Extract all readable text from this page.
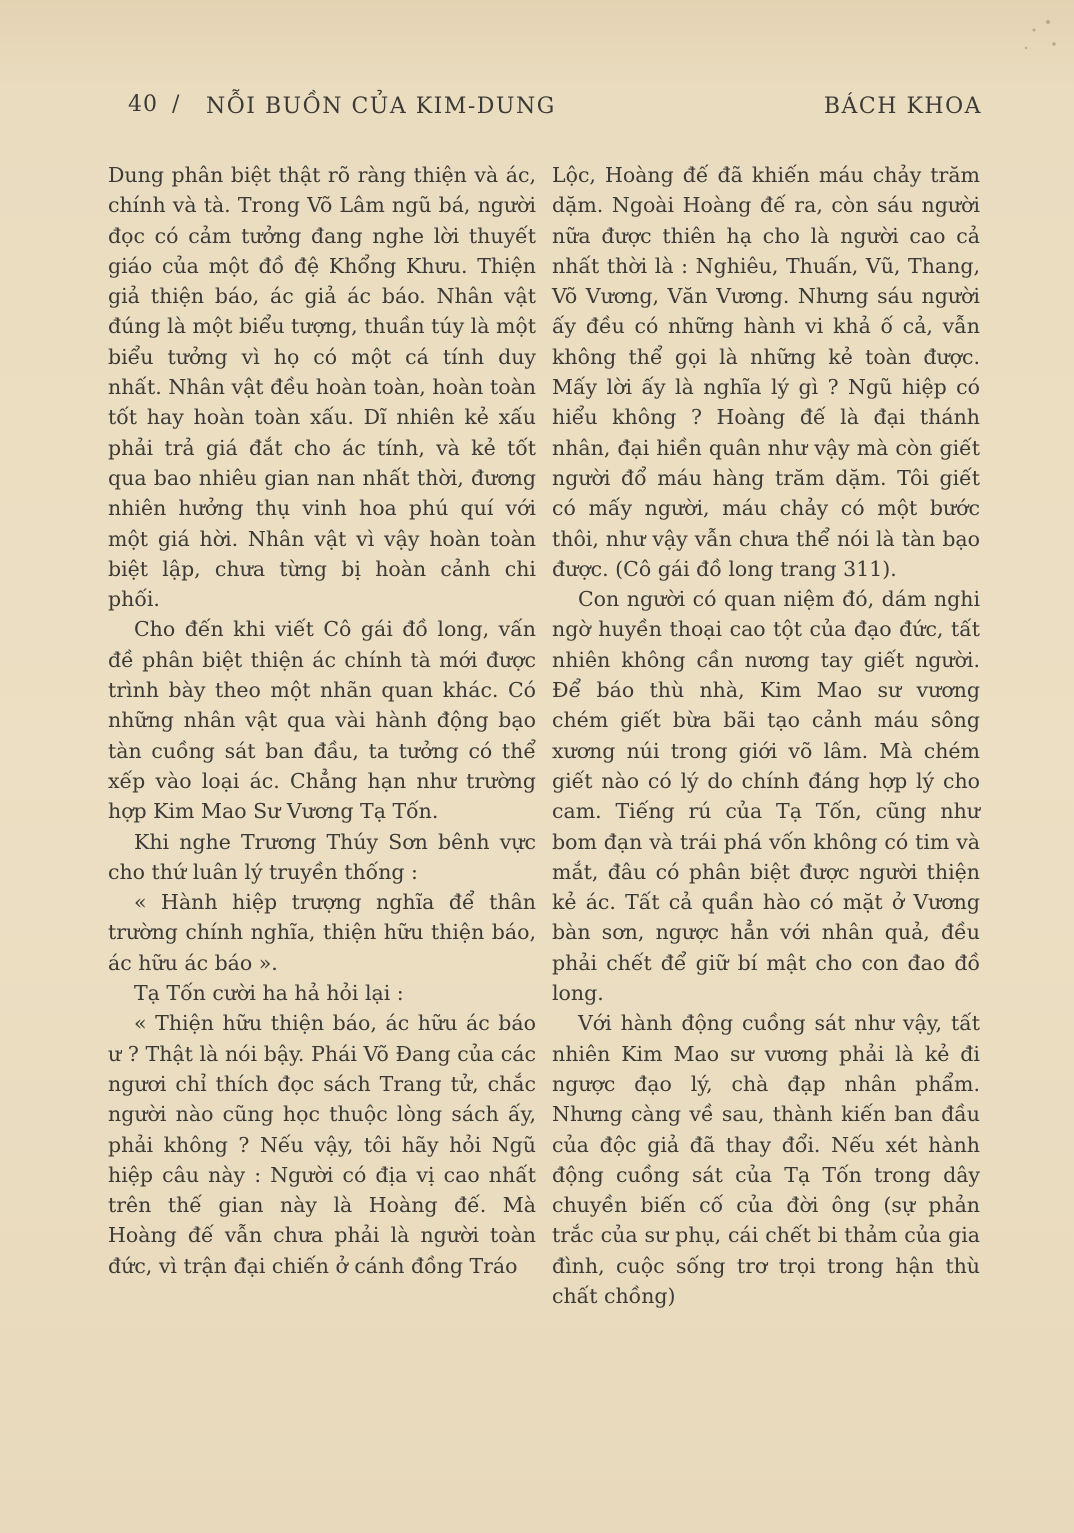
40 / NỖI BUỒN CỦA KIM-DUNG	BÁCH KHOA

Dung phân biệt thật rõ ràng thiện và ác, chính và tà. Trong Võ Lâm ngũ bá, người đọc có cảm tưởng đang nghe lời thuyết giáo của một đồ đệ Khổng Khưu. Thiện giả thiện báo, ác giả ác báo. Nhân vật đúng là một biểu tượng, thuần túy là một biểu tưởng vì họ có một cá tính duy nhất. Nhân vật đều hoàn toàn, hoàn toàn tốt hay hoàn toàn xấu. Dĩ nhiên kẻ xấu phải trả giá đắt cho ác tính, và kẻ tốt qua bao nhiêu gian nan nhất thời, đương nhiên hưởng thụ vinh hoa phú quí với một giá hời. Nhân vật vì vậy hoàn toàn biệt lập, chưa từng bị hoàn cảnh chi phối.

Cho đến khi viết Cô gái đồ long, vấn đề phân biệt thiện ác chính tà mới được trình bày theo một nhãn quan khác. Có những nhân vật qua vài hành động bạo tàn cuồng sát ban đầu, ta tưởng có thể xếp vào loại ác. Chẳng hạn như trường hợp Kim Mao Sư Vương Tạ Tốn.

Khi nghe Trương Thúy Sơn bênh vực cho thứ luân lý truyền thống :

« Hành hiệp trượng nghĩa để thân trường chính nghĩa, thiện hữu thiện báo, ác hữu ác báo ».

Tạ Tốn cười ha hả hỏi lại :

« Thiện hữu thiện báo, ác hữu ác báo ư ? Thật là nói bậy. Phái Võ Đang của các ngươi chỉ thích đọc sách Trang tử, chắc người nào cũng học thuộc lòng sách ấy, phải không ? Nếu vậy, tôi hãy hỏi Ngũ hiệp câu này : Người có địa vị cao nhất trên thế gian này là Hoàng đế. Mà Hoàng đế vẫn chưa phải là người toàn đức, vì trận đại chiến ở cánh đồng Tráo

Lộc, Hoàng đế đã khiến máu chảy trăm dặm. Ngoài Hoàng đế ra, còn sáu người nữa được thiên hạ cho là người cao cả nhất thời là : Nghiêu, Thuấn, Vũ, Thang, Võ Vương, Văn Vương. Nhưng sáu người ấy đều có những hành vi khả ố cả, vẫn không thể gọi là những kẻ toàn được. Mấy lời ấy là nghĩa lý gì ? Ngũ hiệp có hiểu không ? Hoàng đế là đại thánh nhân, đại hiền quân như vậy mà còn giết người đổ máu hàng trăm dặm. Tôi giết có mấy người, máu chảy có một bước thôi, như vậy vẫn chưa thể nói là tàn bạo được. (Cô gái đồ long trang 311).

Con người có quan niệm đó, dám nghi ngờ huyền thoại cao tột của đạo đức, tất nhiên không cần nương tay giết người. Để báo thù nhà, Kim Mao sư vương chém giết bừa bãi tạo cảnh máu sông xương núi trong giới võ lâm. Mà chém giết nào có lý do chính đáng hợp lý cho cam. Tiếng rú của Tạ Tốn, cũng như bom đạn và trái phá vốn không có tim và mắt, đâu có phân biệt được người thiện kẻ ác. Tất cả quần hào có mặt ở Vương bàn sơn, ngược hẳn với nhân quả, đều phải chết để giữ bí mật cho con đao đồ long.

Với hành động cuồng sát như vậy, tất nhiên Kim Mao sư vương phải là kẻ đi ngược đạo lý, chà đạp nhân phẩm. Nhưng càng về sau, thành kiến ban đầu của độc giả đã thay đổi. Nếu xét hành động cuồng sát của Tạ Tốn trong dây chuyền biến cố của đời ông (sự phản trắc của sư phụ, cái chết bi thảm của gia đình, cuộc sống trơ trọi trong hận thù chất chồng)
